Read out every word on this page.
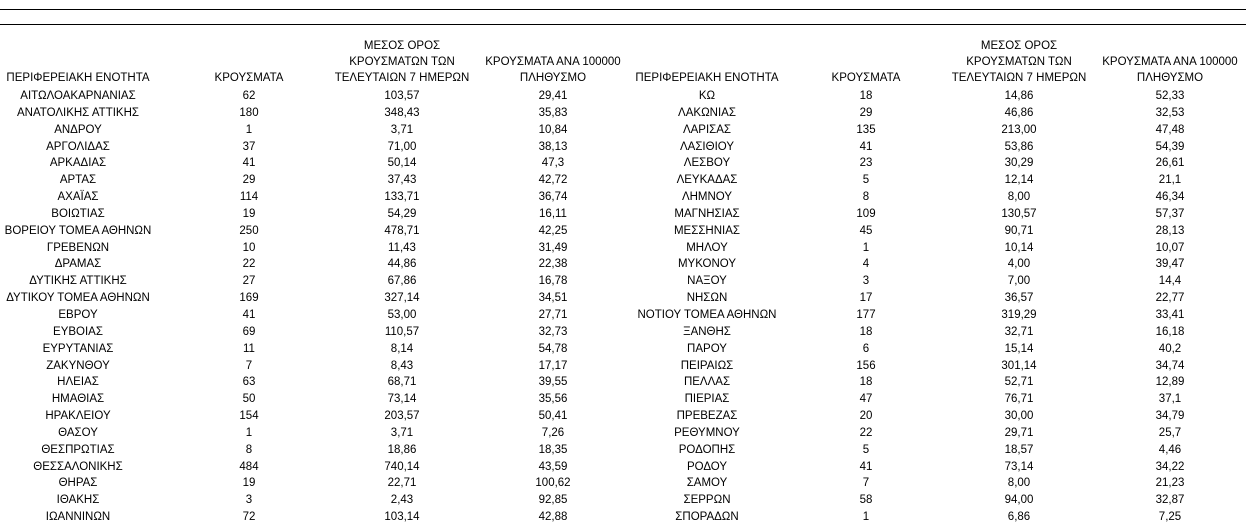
ΠΕΡΙΦΕΡΕΙΑΚΗ ΕΝΟΤΗΤΑ	ΚΡΟΥΣΜΑΤΑ
ΜΕΣΟΣ ΟΡΟΣ
ΚΡΟΥΣΜΑΤΩΝ ΤΩΝ
ΤΕΛΕΥΤΑΙΩΝ 7 ΗΜΕΡΩΝ
ΚΡΟΥΣΜΑΤΑ ΑΝΑ 100000
ΠΛΗΘΥΣΜΟ
ΑΙΤΩΛΟΑΚΑΡΝΑΝΙΑΣ	62	103,57	29,41
ΑΝΑΤΟΛΙΚΗΣ ΑΤΤΙΚΗΣ	180	348,43	35,83
ΑΝΔΡΟΥ	1	3,71	10,84
ΑΡΓΟΛΙΔΑΣ	37	71,00	38,13
ΑΡΚΑΔΙΑΣ	41	50,14	47,3
ΑΡΤΑΣ	29	37,43	42,72
ΑΧΑΪΑΣ	114	133,71	36,74
ΒΟΙΩΤΙΑΣ	19	54,29	16,11
ΒΟΡΕΙΟΥ ΤΟΜΕΑ ΑΘΗΝΩΝ	250	478,71	42,25
ΓΡΕΒΕΝΩΝ	10	11,43	31,49
ΔΡΑΜΑΣ	22	44,86	22,38
ΔΥΤΙΚΗΣ ΑΤΤΙΚΗΣ	27	67,86	16,78
ΔΥΤΙΚΟΥ ΤΟΜΕΑ ΑΘΗΝΩΝ	169	327,14	34,51
ΕΒΡΟΥ	41	53,00	27,71
ΕΥΒΟΙΑΣ	69	110,57	32,73
ΕΥΡΥΤΑΝΙΑΣ	11	8,14	54,78
ΖΑΚΥΝΘΟΥ	7	8,43	17,17
ΗΛΕΙΑΣ	63	68,71	39,55
ΗΜΑΘΙΑΣ	50	73,14	35,56
ΗΡΑΚΛΕΙΟΥ	154	203,57	50,41
ΘΑΣΟΥ	1	3,71	7,26
ΘΕΣΠΡΩΤΙΑΣ	8	18,86	18,35
ΘΕΣΣΑΛΟΝΙΚΗΣ	484	740,14	43,59
ΘΗΡΑΣ	19	22,71	100,62
ΙΘΑΚΗΣ	3	2,43	92,85
ΙΩΑΝΝΙΝΩΝ	72	103,14	42,88
ΠΕΡΙΦΕΡΕΙΑΚΗ ΕΝΟΤΗΤΑ	ΚΡΟΥΣΜΑΤΑ
ΜΕΣΟΣ ΟΡΟΣ
ΚΡΟΥΣΜΑΤΩΝ ΤΩΝ
ΤΕΛΕΥΤΑΙΩΝ 7 ΗΜΕΡΩΝ
ΚΡΟΥΣΜΑΤΑ ΑΝΑ 100000
ΠΛΗΘΥΣΜΟ
ΚΩ	18	14,86	52,33
ΛΑΚΩΝΙΑΣ	29	46,86	32,53
ΛΑΡΙΣΑΣ	135	213,00	47,48
ΛΑΣΙΘΙΟΥ	41	53,86	54,39
ΛΕΣΒΟΥ	23	30,29	26,61
ΛΕΥΚΑΔΑΣ	5	12,14	21,1
ΛΗΜΝΟΥ	8	8,00	46,34
ΜΑΓΝΗΣΙΑΣ	109	130,57	57,37
ΜΕΣΣΗΝΙΑΣ	45	90,71	28,13
ΜΗΛΟΥ	1	10,14	10,07
ΜΥΚΟΝΟΥ	4	4,00	39,47
ΝΑΞΟΥ	3	7,00	14,4
ΝΗΣΩΝ	17	36,57	22,77
ΝΟΤΙΟΥ ΤΟΜΕΑ ΑΘΗΝΩΝ	177	319,29	33,41
ΞΑΝΘΗΣ	18	32,71	16,18
ΠΑΡΟΥ	6	15,14	40,2
ΠΕΙΡΑΙΩΣ	156	301,14	34,74
ΠΕΛΛΑΣ	18	52,71	12,89
ΠΙΕΡΙΑΣ	47	76,71	37,1
ΠΡΕΒΕΖΑΣ	20	30,00	34,79
ΡΕΘΥΜΝΟΥ	22	29,71	25,7
ΡΟΔΟΠΗΣ	5	18,57	4,46
ΡΟΔΟΥ	41	73,14	34,22
ΣΑΜΟΥ	7	8,00	21,23
ΣΕΡΡΩΝ	58	94,00	32,87
ΣΠΟΡΑΔΩΝ	1	6,86	7,25
